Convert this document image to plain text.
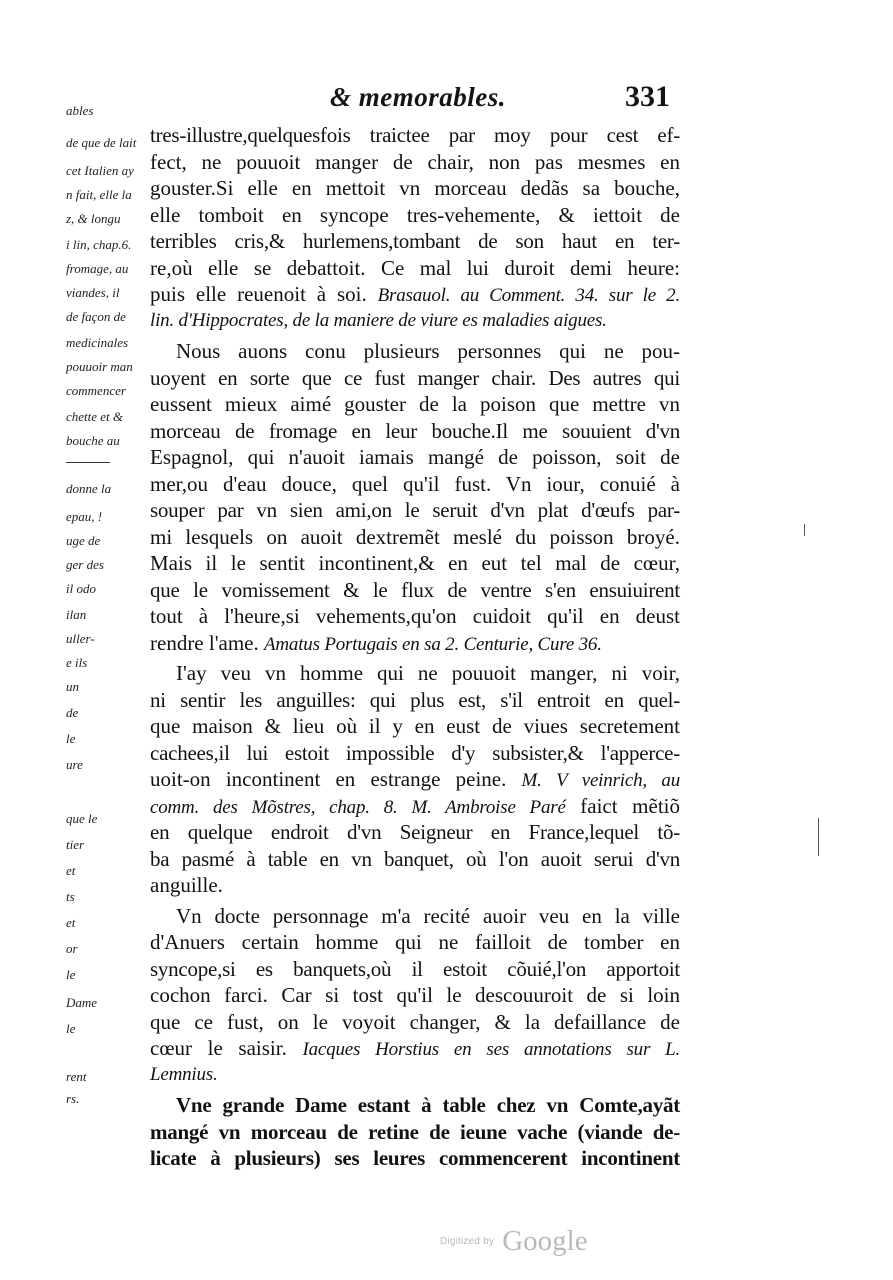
ables
de que de lait
cet Italien ay
n fait, elle la
z, & longu
i lin, chap.6.
fromage, au
viandes, il
de façon de
medicinales
pouuoir man
commencer
chette et &
bouche au
donne la
epau, !
uge de
ger des
il odo
ilan
uller-
e ils
un
de
le
ure
que le
tier
et
ts
et
or
le
Dame
le
rent
rs.
& memorables.	331
tres-illustre,quelquesfois traictee par moy pour cest ef-
fect, ne pouuoit manger de chair, non pas mesmes en
gouster.Si elle en mettoit vn morceau dedãs sa bouche,
elle tomboit en syncope tres-vehemente, & iettoit de
terribles cris,& hurlemens,tombant de son haut en ter-
re,où elle se debattoit. Ce mal lui duroit demi heure:
puis elle reuenoit à soi. Brasauol. au Comment. 34. sur le 2.
lin. d'Hippocrates, de la maniere de viure es maladies aigues.
Nous auons conu plusieurs personnes qui ne pou-
uoyent en sorte que ce fust manger chair. Des autres qui
eussent mieux aimé gouster de la poison que mettre vn
morceau de fromage en leur bouche.Il me souuient d'vn
Espagnol, qui n'auoit iamais mangé de poisson, soit de
mer,ou d'eau douce, quel qu'il fust. Vn iour, conuié à
souper par vn sien ami,on le seruit d'vn plat d'œufs par-
mi lesquels on auoit dextremẽt meslé du poisson broyé.
Mais il le sentit incontinent,& en eut tel mal de cœur,
que le vomissement & le flux de ventre s'en ensuiuirent
tout à l'heure,si vehements,qu'on cuidoit qu'il en deust
rendre l'ame. Amatus Portugais en sa 2. Centurie, Cure 36.
I'ay veu vn homme qui ne pouuoit manger, ni voir,
ni sentir les anguilles: qui plus est, s'il entroit en quel-
que maison & lieu où il y en eust de viues secretement
cachees,il lui estoit impossible d'y subsister,& l'apperce-
uoit-on incontinent en estrange peine. M. V veinrich, au
comm. des Mõstres, chap. 8. M. Ambroise Paré faict mẽtiõ
en quelque endroit d'vn Seigneur en France,lequel tõ-
ba pasmé à table en vn banquet, où l'on auoit serui d'vn
anguille.
Vn docte personnage m'a recité auoir veu en la ville
d'Anuers certain homme qui ne failloit de tomber en
syncope,si es banquets,où il estoit cõuié,l'on apportoit
cochon farci. Car si tost qu'il le descouuroit de si loin
que ce fust, on le voyoit changer, & la defaillance de
cœur le saisir. Iacques Horstius en ses annotations sur L.
Lemnius.
Vne grande Dame estant à table chez vn Comte,ayãt
mangé vn morceau de retine de ieune vache (viande de-
licate à plusieurs) ses leures commencerent incontinent
Digitized by Google
